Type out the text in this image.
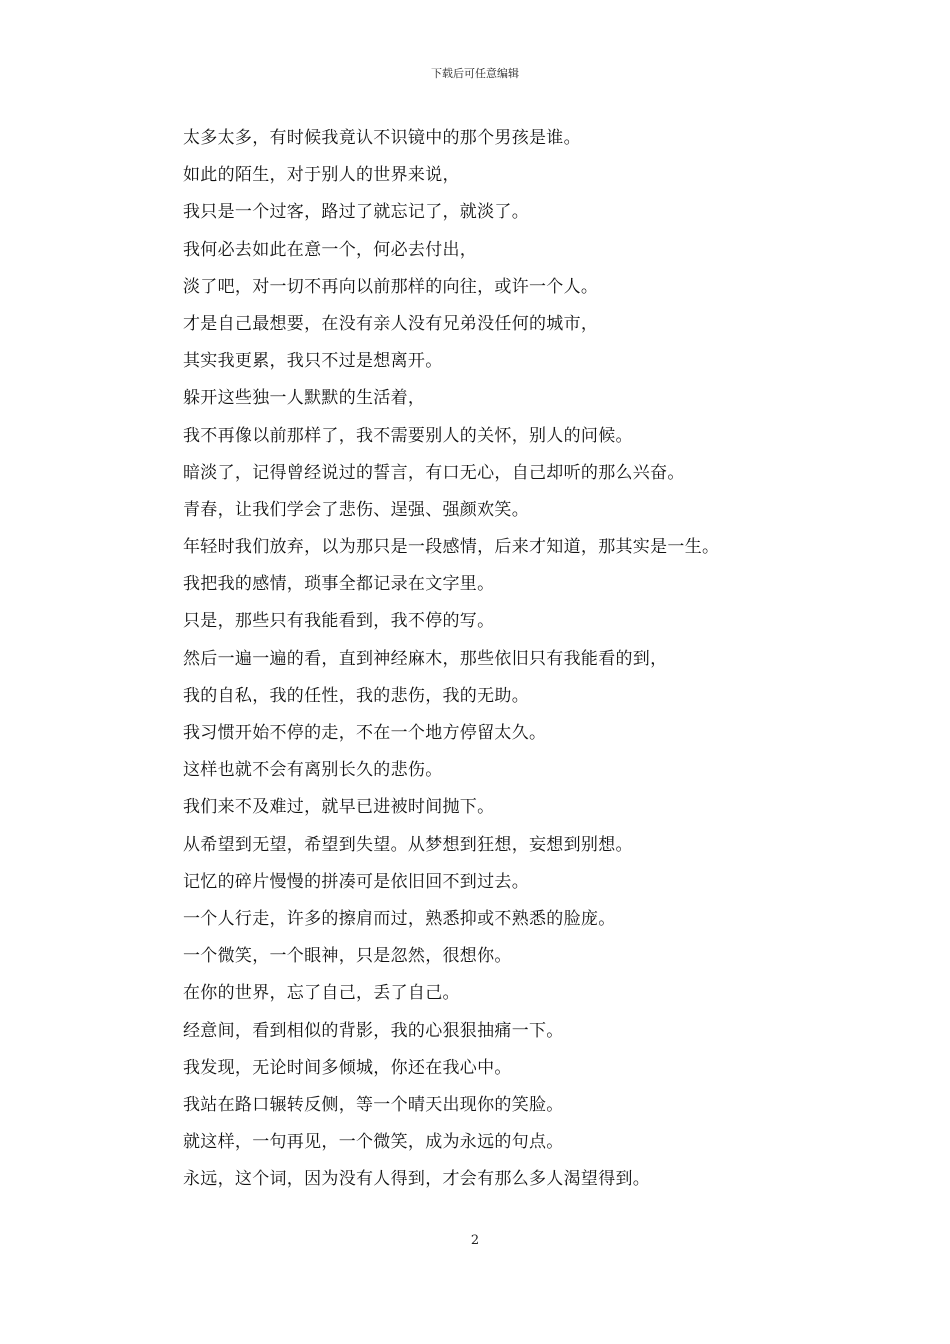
下载后可任意编辑
太多太多，有时候我竟认不识镜中的那个男孩是谁。
如此的陌生，对于别人的世界来说，
我只是一个过客，路过了就忘记了，就淡了。
我何必去如此在意一个，何必去付出，
淡了吧，对一切不再向以前那样的向往，或许一个人。
才是自己最想要，在没有亲人没有兄弟没任何的城市，
其实我更累，我只不过是想离开。
躲开这些独一人默默的生活着，
我不再像以前那样了，我不需要别人的关怀，别人的问候。
暗淡了，记得曾经说过的誓言，有口无心，自己却听的那么兴奋。
青春，让我们学会了悲伤、逞强、强颜欢笑。
年轻时我们放弃，以为那只是一段感情，后来才知道，那其实是一生。
我把我的感情，琐事全都记录在文字里。
只是，那些只有我能看到，我不停的写。
然后一遍一遍的看，直到神经麻木，那些依旧只有我能看的到，
我的自私，我的任性，我的悲伤，我的无助。
我习惯开始不停的走，不在一个地方停留太久。
这样也就不会有离别长久的悲伤。
我们来不及难过，就早已进被时间抛下。
从希望到无望，希望到失望。从梦想到狂想，妄想到别想。
记忆的碎片慢慢的拼凑可是依旧回不到过去。
一个人行走，许多的擦肩而过，熟悉抑或不熟悉的脸庞。
一个微笑，一个眼神，只是忽然，很想你。
在你的世界，忘了自己，丢了自己。
经意间，看到相似的背影，我的心狠狠抽痛一下。
我发现，无论时间多倾城，你还在我心中。
我站在路口辗转反侧，等一个晴天出现你的笑脸。
就这样，一句再见，一个微笑，成为永远的句点。
永远，这个词，因为没有人得到，才会有那么多人渴望得到。
2
